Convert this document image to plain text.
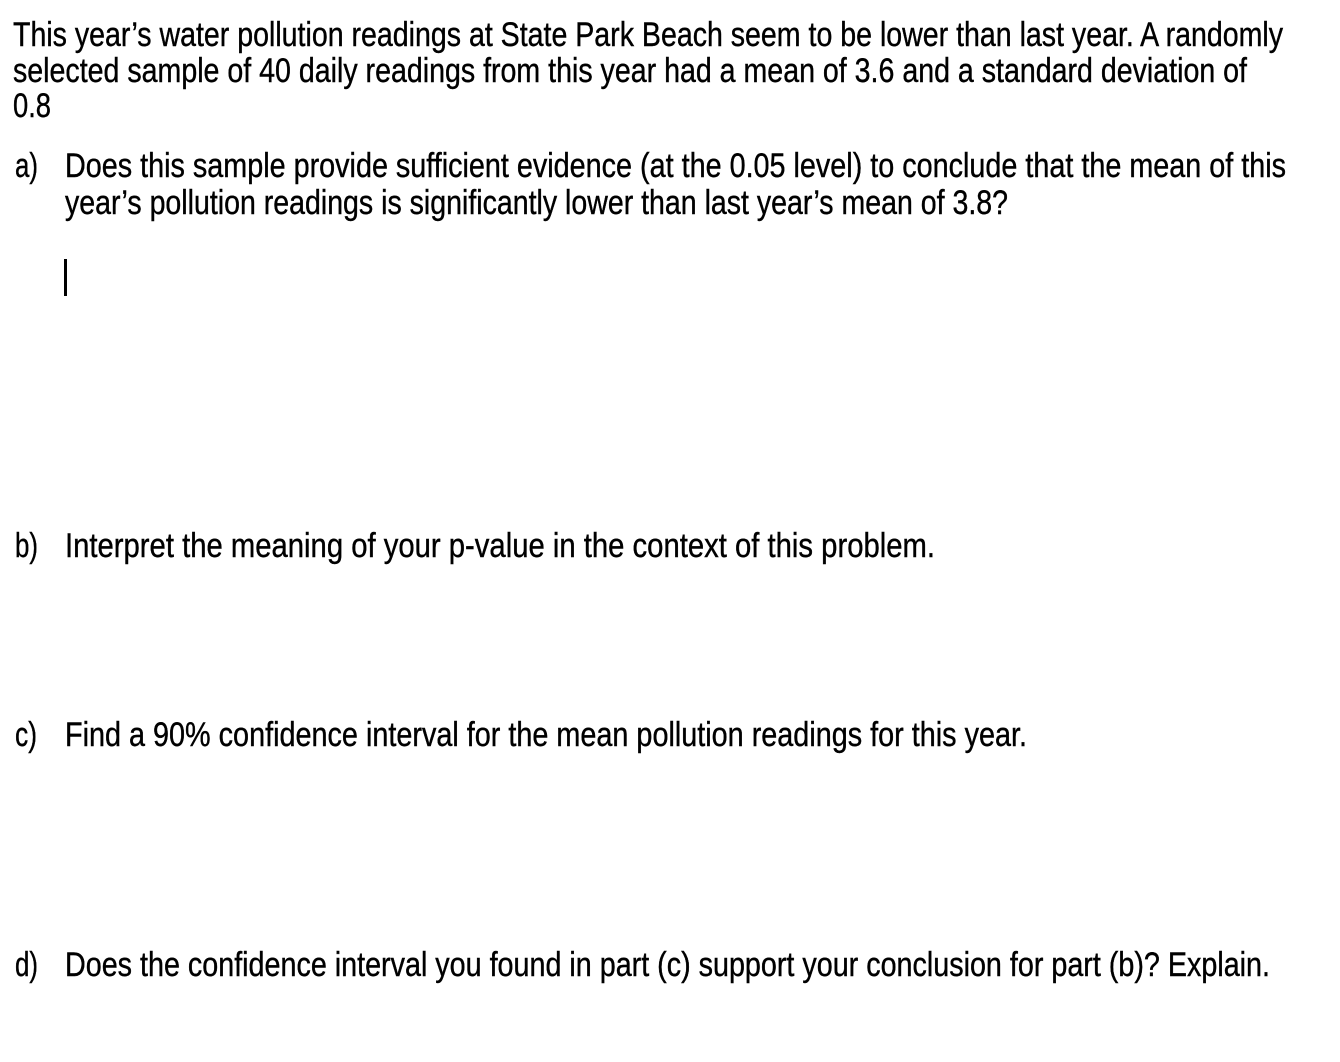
This year’s water pollution readings at State Park Beach seem to be lower than last year. A randomly
selected sample of 40 daily readings from this year had a mean of 3.6 and a standard deviation of
0.8
a) Does this sample provide sufficient evidence (at the 0.05 level) to conclude that the mean of this
year’s pollution readings is significantly lower than last year’s mean of 3.8?
b) Interpret the meaning of your p-value in the context of this problem.
c) Find a 90% confidence interval for the mean pollution readings for this year.
d) Does the confidence interval you found in part (c) support your conclusion for part (b)? Explain.
